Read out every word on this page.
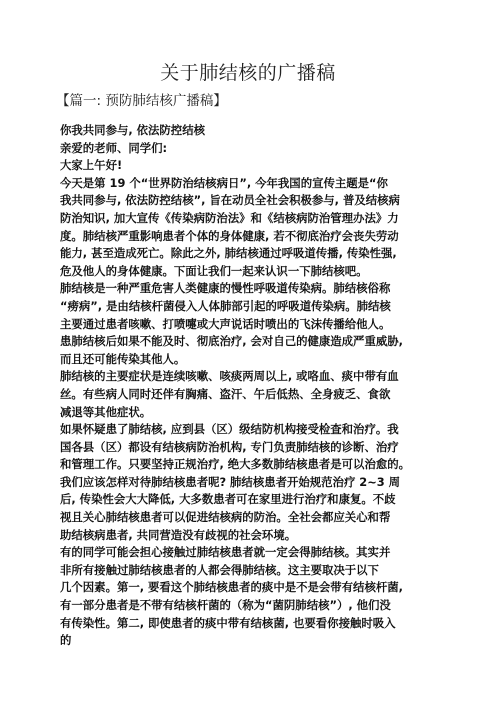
关于肺结核的广播稿
【篇一: 预防肺结核广播稿】
你我共同参与, 依法防控结核
亲爱的老师、同学们:
大家上午好!
今天是第 19 个“世界防治结核病日”, 今年我国的宣传主题是“你
我共同参与, 依法防控结核”, 旨在动员全社会积极参与, 普及结核病
防治知识, 加大宣传《传染病防治法》和《结核病防治管理办法》力
度。肺结核严重影响患者个体的身体健康, 若不彻底治疗会丧失劳动
能力, 甚至造成死亡。除此之外, 肺结核通过呼吸道传播, 传染性强,
危及他人的身体健康。下面让我们一起来认识一下肺结核吧。
肺结核是一种严重危害人类健康的慢性呼吸道传染病。肺结核俗称
“痨病”, 是由结核杆菌侵入人体肺部引起的呼吸道传染病。肺结核
主要通过患者咳嗽、打喷嚏或大声说话时喷出的飞沫传播给他人。
患肺结核后如果不能及时、彻底治疗, 会对自己的健康造成严重威胁,
而且还可能传染其他人。
肺结核的主要症状是连续咳嗽、咳痰两周以上, 或咯血、痰中带有血
丝。有些病人同时还伴有胸痛、盗汗、午后低热、全身疲乏、食欲
减退等其他症状。
如果怀疑患了肺结核, 应到县（区）级结防机构接受检查和治疗。我
国各县（区）都设有结核病防治机构, 专门负责肺结核的诊断、治疗
和管理工作。只要坚持正规治疗, 绝大多数肺结核患者是可以治愈的。
我们应该怎样对待肺结核患者呢? 肺结核患者开始规范治疗 2~3 周
后, 传染性会大大降低, 大多数患者可在家里进行治疗和康复。不歧
视且关心肺结核患者可以促进结核病的防治。全社会都应关心和帮
助结核病患者, 共同营造没有歧视的社会环境。
有的同学可能会担心接触过肺结核患者就一定会得肺结核。其实并
非所有接触过肺结核患者的人都会得肺结核。这主要取决于以下
几个因素。第一, 要看这个肺结核患者的痰中是不是会带有结核杆菌,
有一部分患者是不带有结核杆菌的（称为“菌阴肺结核”）, 他们没
有传染性。第二, 即使患者的痰中带有结核菌, 也要看你接触时吸入
的
